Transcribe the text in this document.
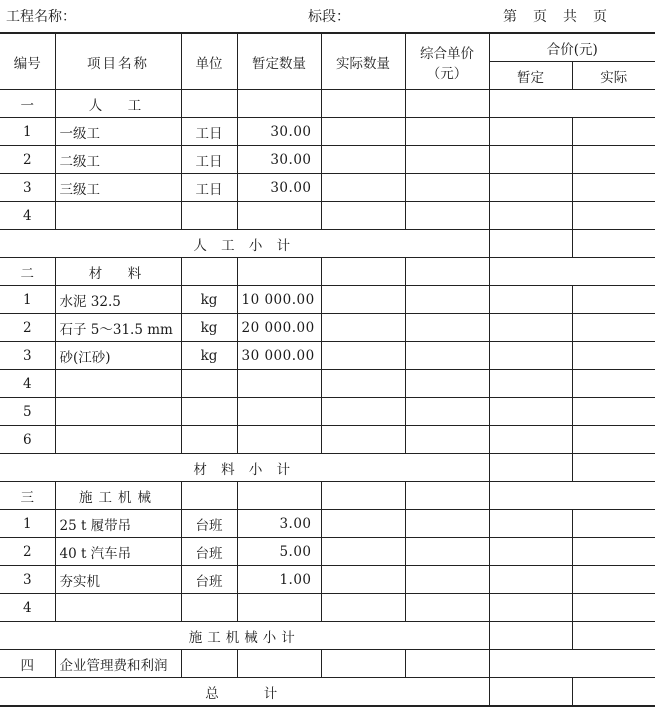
工程名称：	标段：	第　页　共　页
编号	项目名称	单位	暂定数量	实际数量	综合单价
（元）	合价(元)	
						暂定	实际
一	人　工						
1	一级工	工日	30.00				
2	二级工	工日	30.00				
3	三级工	工日	30.00				
4							
人 工 小 计							
二	材　料						
1	水泥 32.5	kg	10 000.00				
2	石子 5～31.5 mm	kg	20 000.00				
3	砂(江砂)	kg	30 000.00				
4							
5							
6							
材 料 小 计							
三	施工机械						
1	25 t 履带吊	台班	3.00				
2	40 t 汽车吊	台班	5.00				
3	夯实机	台班	1.00				
4							
施工机械小计							
四	企业管理费和利润						
总　　计							
